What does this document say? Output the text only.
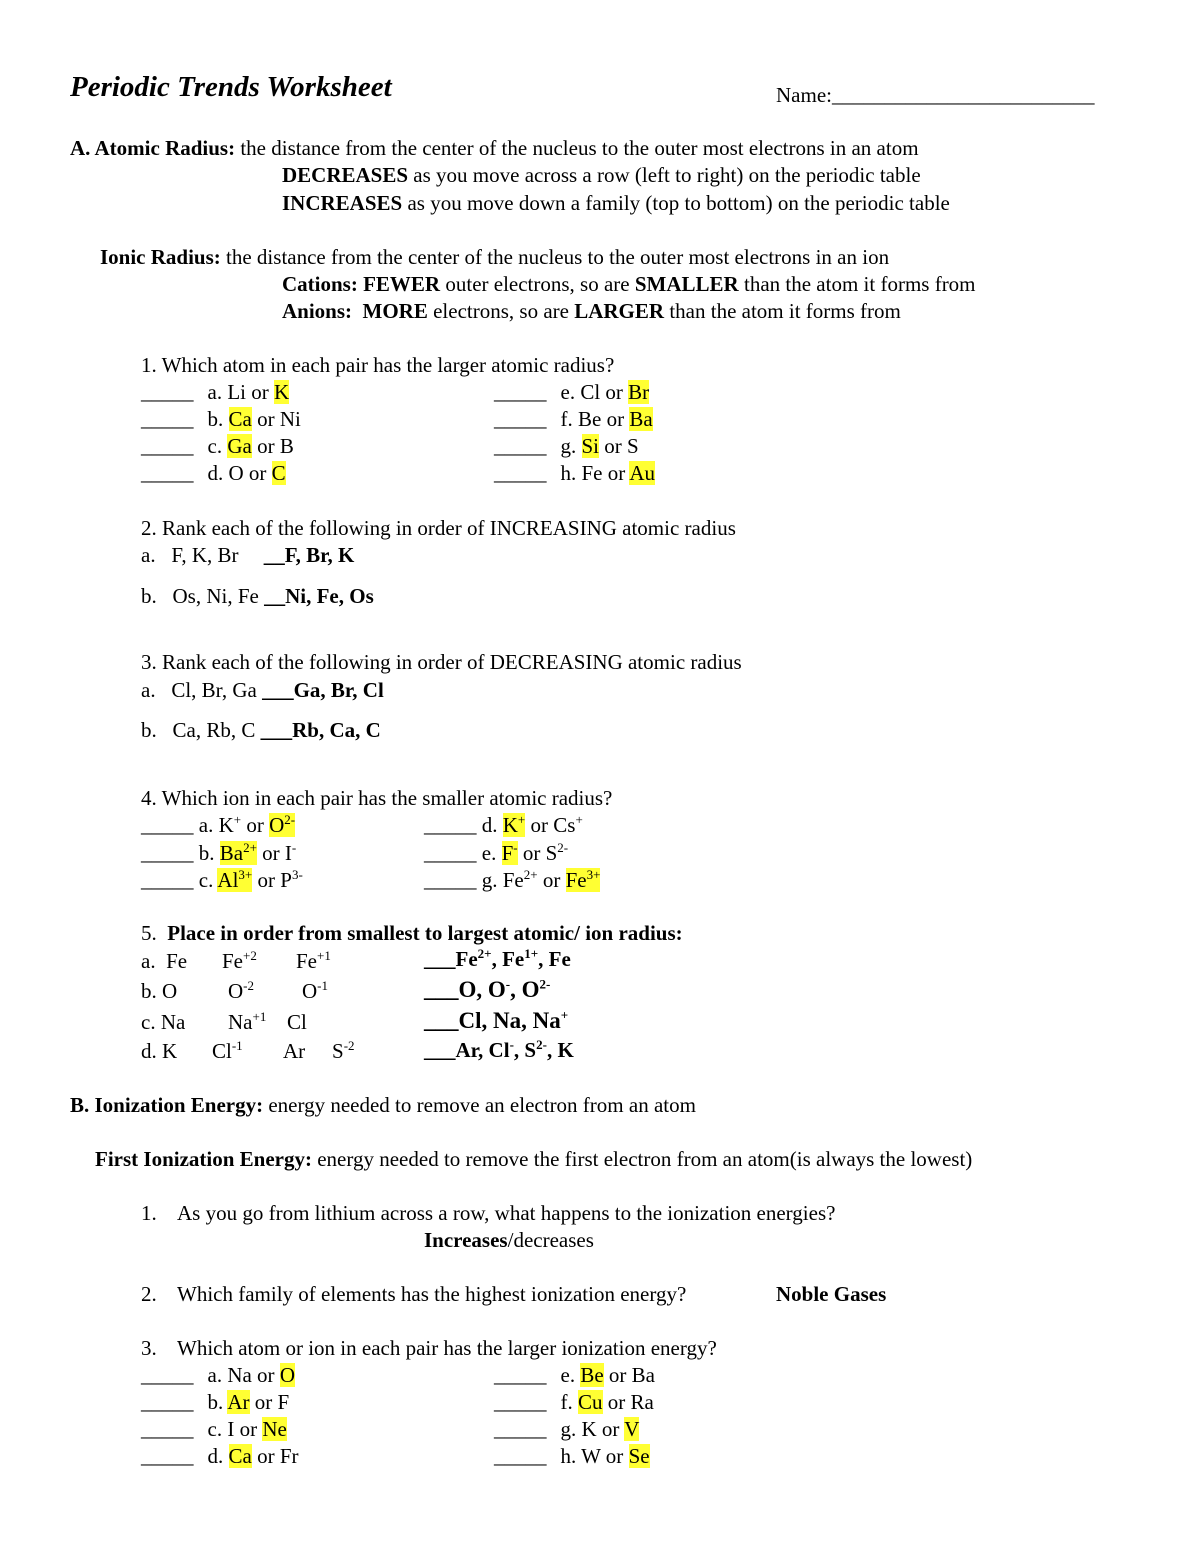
Periodic Trends Worksheet	Name:_________________________
A. Atomic Radius: the distance from the center of the nucleus to the outer most electrons in an atom
DECREASES as you move across a row (left to right) on the periodic table
INCREASES as you move down a family (top to bottom) on the periodic table
Ionic Radius: the distance from the center of the nucleus to the outer most electrons in an ion
Cations: FEWER outer electrons, so are SMALLER than the atom it forms from
Anions: MORE electrons, so are LARGER than the atom it forms from
1. Which atom in each pair has the larger atomic radius?
_____ a. Li or K
_____ b. Ca or Ni
_____ c. Ga or B
_____ d. O or C
_____ e. Cl or Br
_____ f. Be or Ba
_____ g. Si or S
_____ h. Fe or Au
2. Rank each of the following in order of INCREASING atomic radius
a.   F, K, Br __F, Br, K
b.   Os, Ni, Fe __Ni, Fe, Os
3. Rank each of the following in order of DECREASING atomic radius
a.   Cl, Br, Ga ___Ga, Br, Cl
b.   Ca, Rb, C ___Rb, Ca, C
4. Which ion in each pair has the smaller atomic radius?
_____ a. K+ or $O^{2-}$
_____ b. $Ba^{2+}$ or I-
_____ c. $Al^{3+}$ or $P^{3-}$
_____ d. K+ or Cs+
_____ e. F- or $S^{2-}$
_____ g. $Fe^{2+}$ or $Fe^{3+}$
5. Place in order from smallest to largest atomic/ ion radius:
a.  Fe $Fe^{+2}$ $Fe^{+1}$	$\_\_\_Fe^{2+}$, $Fe^{1+}$, Fe
b. O $O^{-2}$ $O^{-1}$	___O, O-, $O^{2-}$
c. Na $Na^{+1}$ Cl	___Cl, Na, Na+
d. K $Cl^{-1}$ Ar $S^{-2}$	___Ar, Cl-, $S^{2-}$, K
B. Ionization Energy: energy needed to remove an electron from an atom
First Ionization Energy: energy needed to remove the first electron from an atom(is always the lowest)
1. As you go from lithium across a row, what happens to the ionization energies?
Increases/decreases
2. Which family of elements has the highest ionization energy?	Noble Gases
3. Which atom or ion in each pair has the larger ionization energy?
_____ a. Na or O
_____ b. Ar or F
_____ c. I or Ne
_____ d. Ca or Fr
_____ e. Be or Ba
_____ f. Cu or Ra
_____ g. K or V
_____ h. W or Se
